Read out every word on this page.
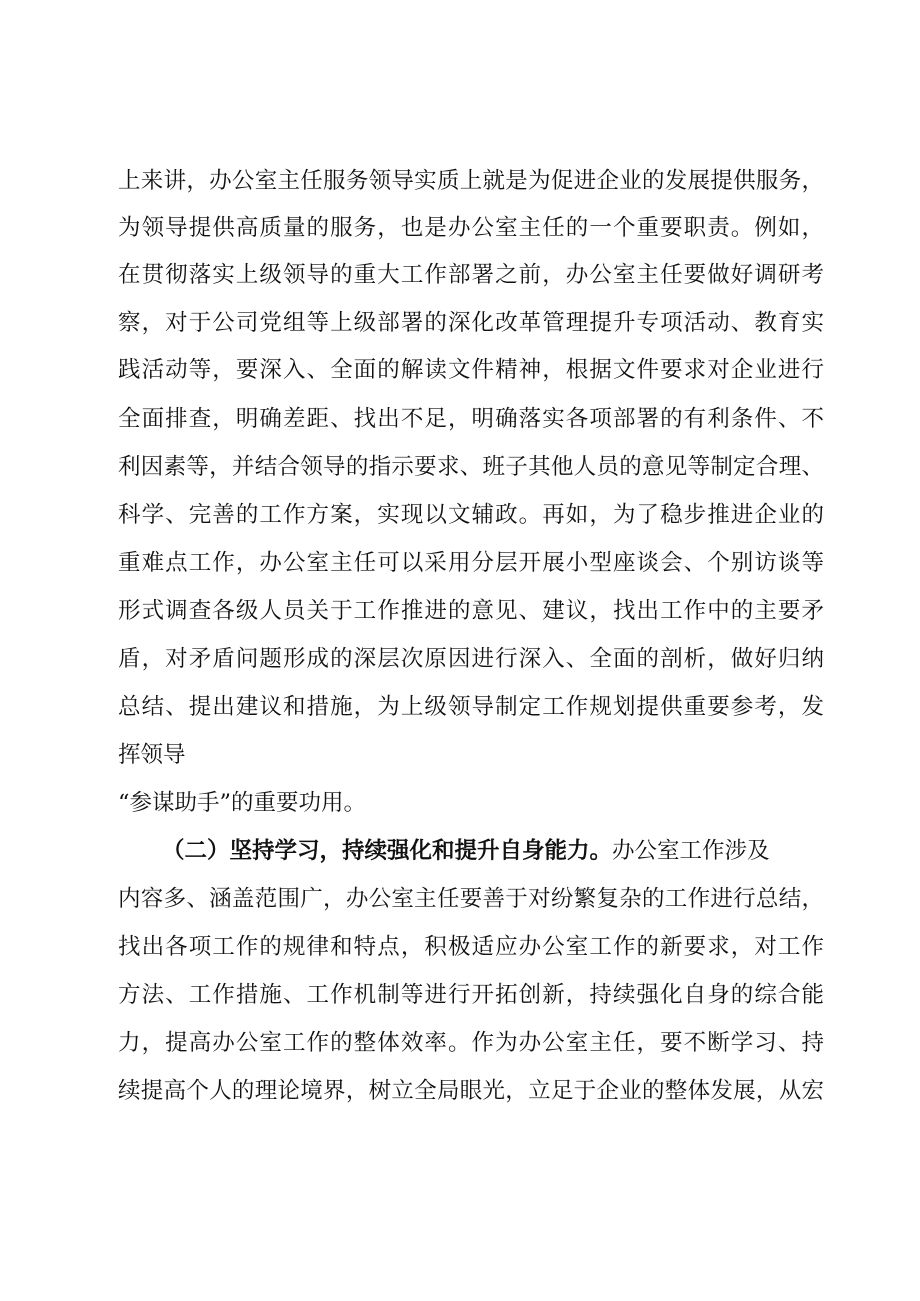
上来讲，办公室主任服务领导实质上就是为促进企业的发展提供服务，

为领导提供高质量的服务，也是办公室主任的一个重要职责。例如，

在贯彻落实上级领导的重大工作部署之前，办公室主任要做好调研考

察，对于公司党组等上级部署的深化改革管理提升专项活动、教育实

践活动等，要深入、全面的解读文件精神，根据文件要求对企业进行

全面排查，明确差距、找出不足，明确落实各项部署的有利条件、不

利因素等，并结合领导的指示要求、班子其他人员的意见等制定合理、

科学、完善的工作方案，实现以文辅政。再如，为了稳步推进企业的

重难点工作，办公室主任可以采用分层开展小型座谈会、个别访谈等

形式调查各级人员关于工作推进的意见、建议，找出工作中的主要矛

盾，对矛盾问题形成的深层次原因进行深入、全面的剖析，做好归纳

总结、提出建议和措施，为上级领导制定工作规划提供重要参考，发

挥领导

“参谋助手”的重要功用。

（二）坚持学习，持续强化和提升自身能力。办公室工作涉及

内容多、涵盖范围广，办公室主任要善于对纷繁复杂的工作进行总结，

找出各项工作的规律和特点，积极适应办公室工作的新要求，对工作

方法、工作措施、工作机制等进行开拓创新，持续强化自身的综合能

力，提高办公室工作的整体效率。作为办公室主任，要不断学习、持

续提高个人的理论境界，树立全局眼光，立足于企业的整体发展，从宏
